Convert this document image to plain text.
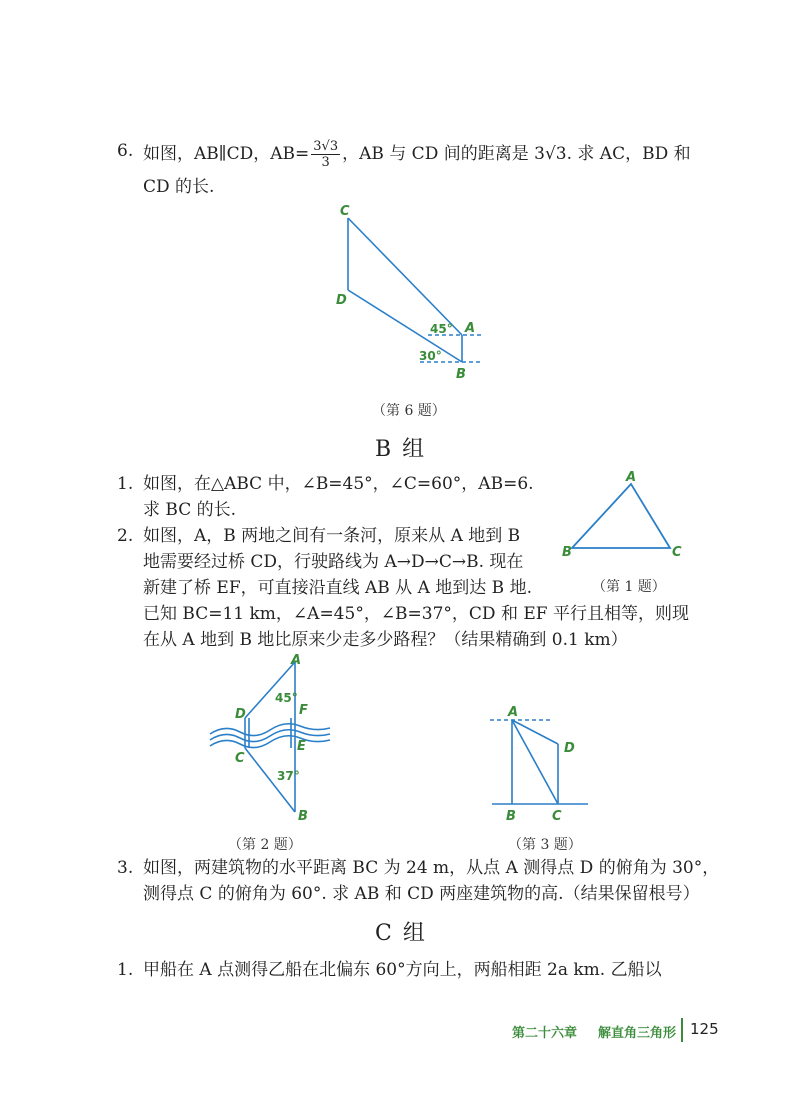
6. 如图，AB∥CD，$AB= \frac{3√3}{3}$ ，AB 与 CD 间的距离是 3√3. 求 AC，BD 和
CD 的长.
C
D
A
B
45°
30°
（第 6 题）
B 组
1. 如图，在△ABC 中，∠B=45°，∠C=60°，AB=6.
求 BC 的长.
A
B	C
（第 1 题）
2. 如图，A，B 两地之间有一条河，原来从 A 地到 B
地需要经过桥 CD，行驶路线为 A→D→C→B. 现在
新建了桥 EF，可直接沿直线 AB 从 A 地到达 B 地.
已知 BC=11 km，∠A=45°，∠B=37°，CD 和 EF 平行且相等，则现
在从 A 地到 B 地比原来少走多少路程？（结果精确到 0.1 km）
A
D	F
C
E
B
45°
37°
（第 2 题）
A
D
B	C
（第 3 题）
3. 如图，两建筑物的水平距离 BC 为 24 m，从点 A 测得点 D 的俯角为 30°，
测得点 C 的俯角为 60°. 求 AB 和 CD 两座建筑物的高.（结果保留根号）
C 组
1. 甲船在 A 点测得乙船在北偏东 60°方向上，两船相距 2a km. 乙船以
第二十六章 解直角三角形 125
